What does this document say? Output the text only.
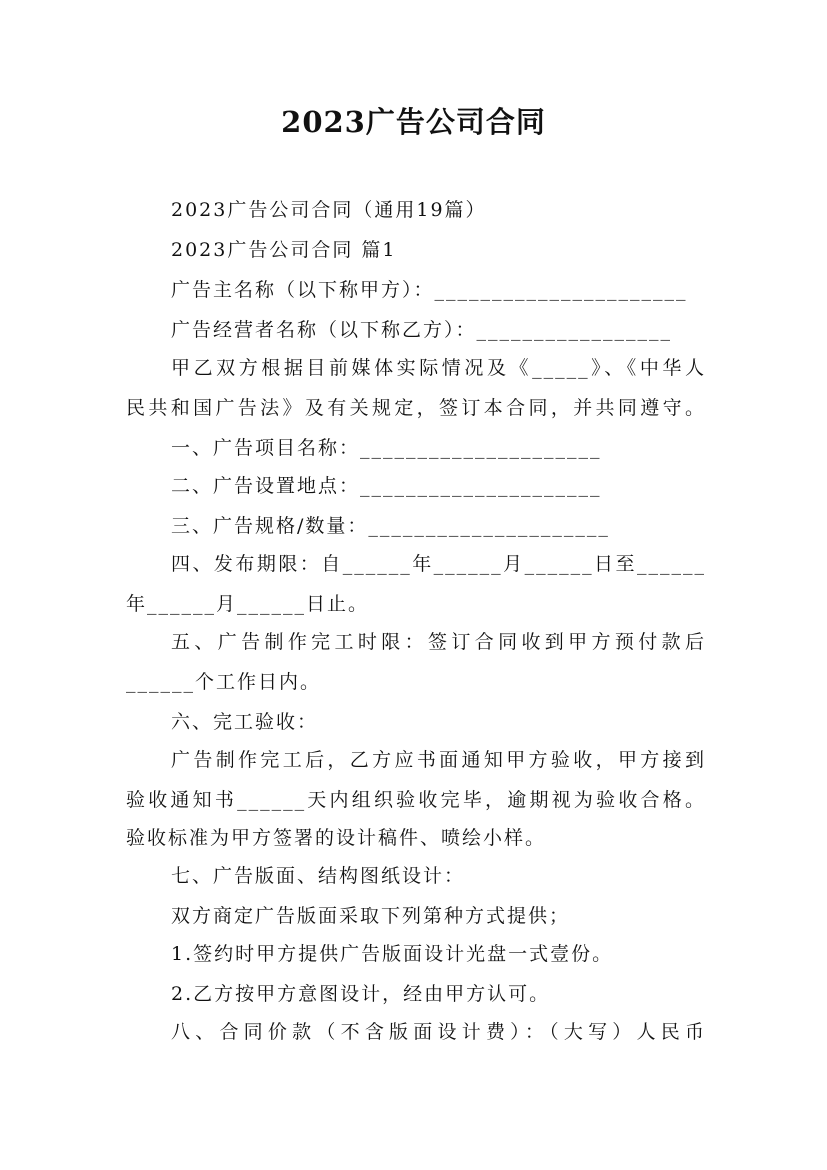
2023广告公司合同
2023广告公司合同（通用19篇）
2023广告公司合同 篇1
广告主名称（以下称甲方）：______________________
广告经营者名称（以下称乙方）：_________________
甲乙双方根据目前媒体实际情况及《_____》、《中华人
民共和国广告法》及有关规定，签订本合同，并共同遵守。
一、广告项目名称：_____________________
二、广告设置地点：_____________________
三、广告规格/数量：_____________________
四、发布期限：自______年______月______日至______
年______月______日止。
五、广告制作完工时限：签订合同收到甲方预付款后
______个工作日内。
六、完工验收：
广告制作完工后，乙方应书面通知甲方验收，甲方接到
验收通知书______天内组织验收完毕，逾期视为验收合格。
验收标准为甲方签署的设计稿件、喷绘小样。
七、广告版面、结构图纸设计：
双方商定广告版面采取下列第种方式提供；
1.签约时甲方提供广告版面设计光盘一式壹份。
2.乙方按甲方意图设计，经由甲方认可。
八、合同价款（不含版面设计费）：（大写）人民币
